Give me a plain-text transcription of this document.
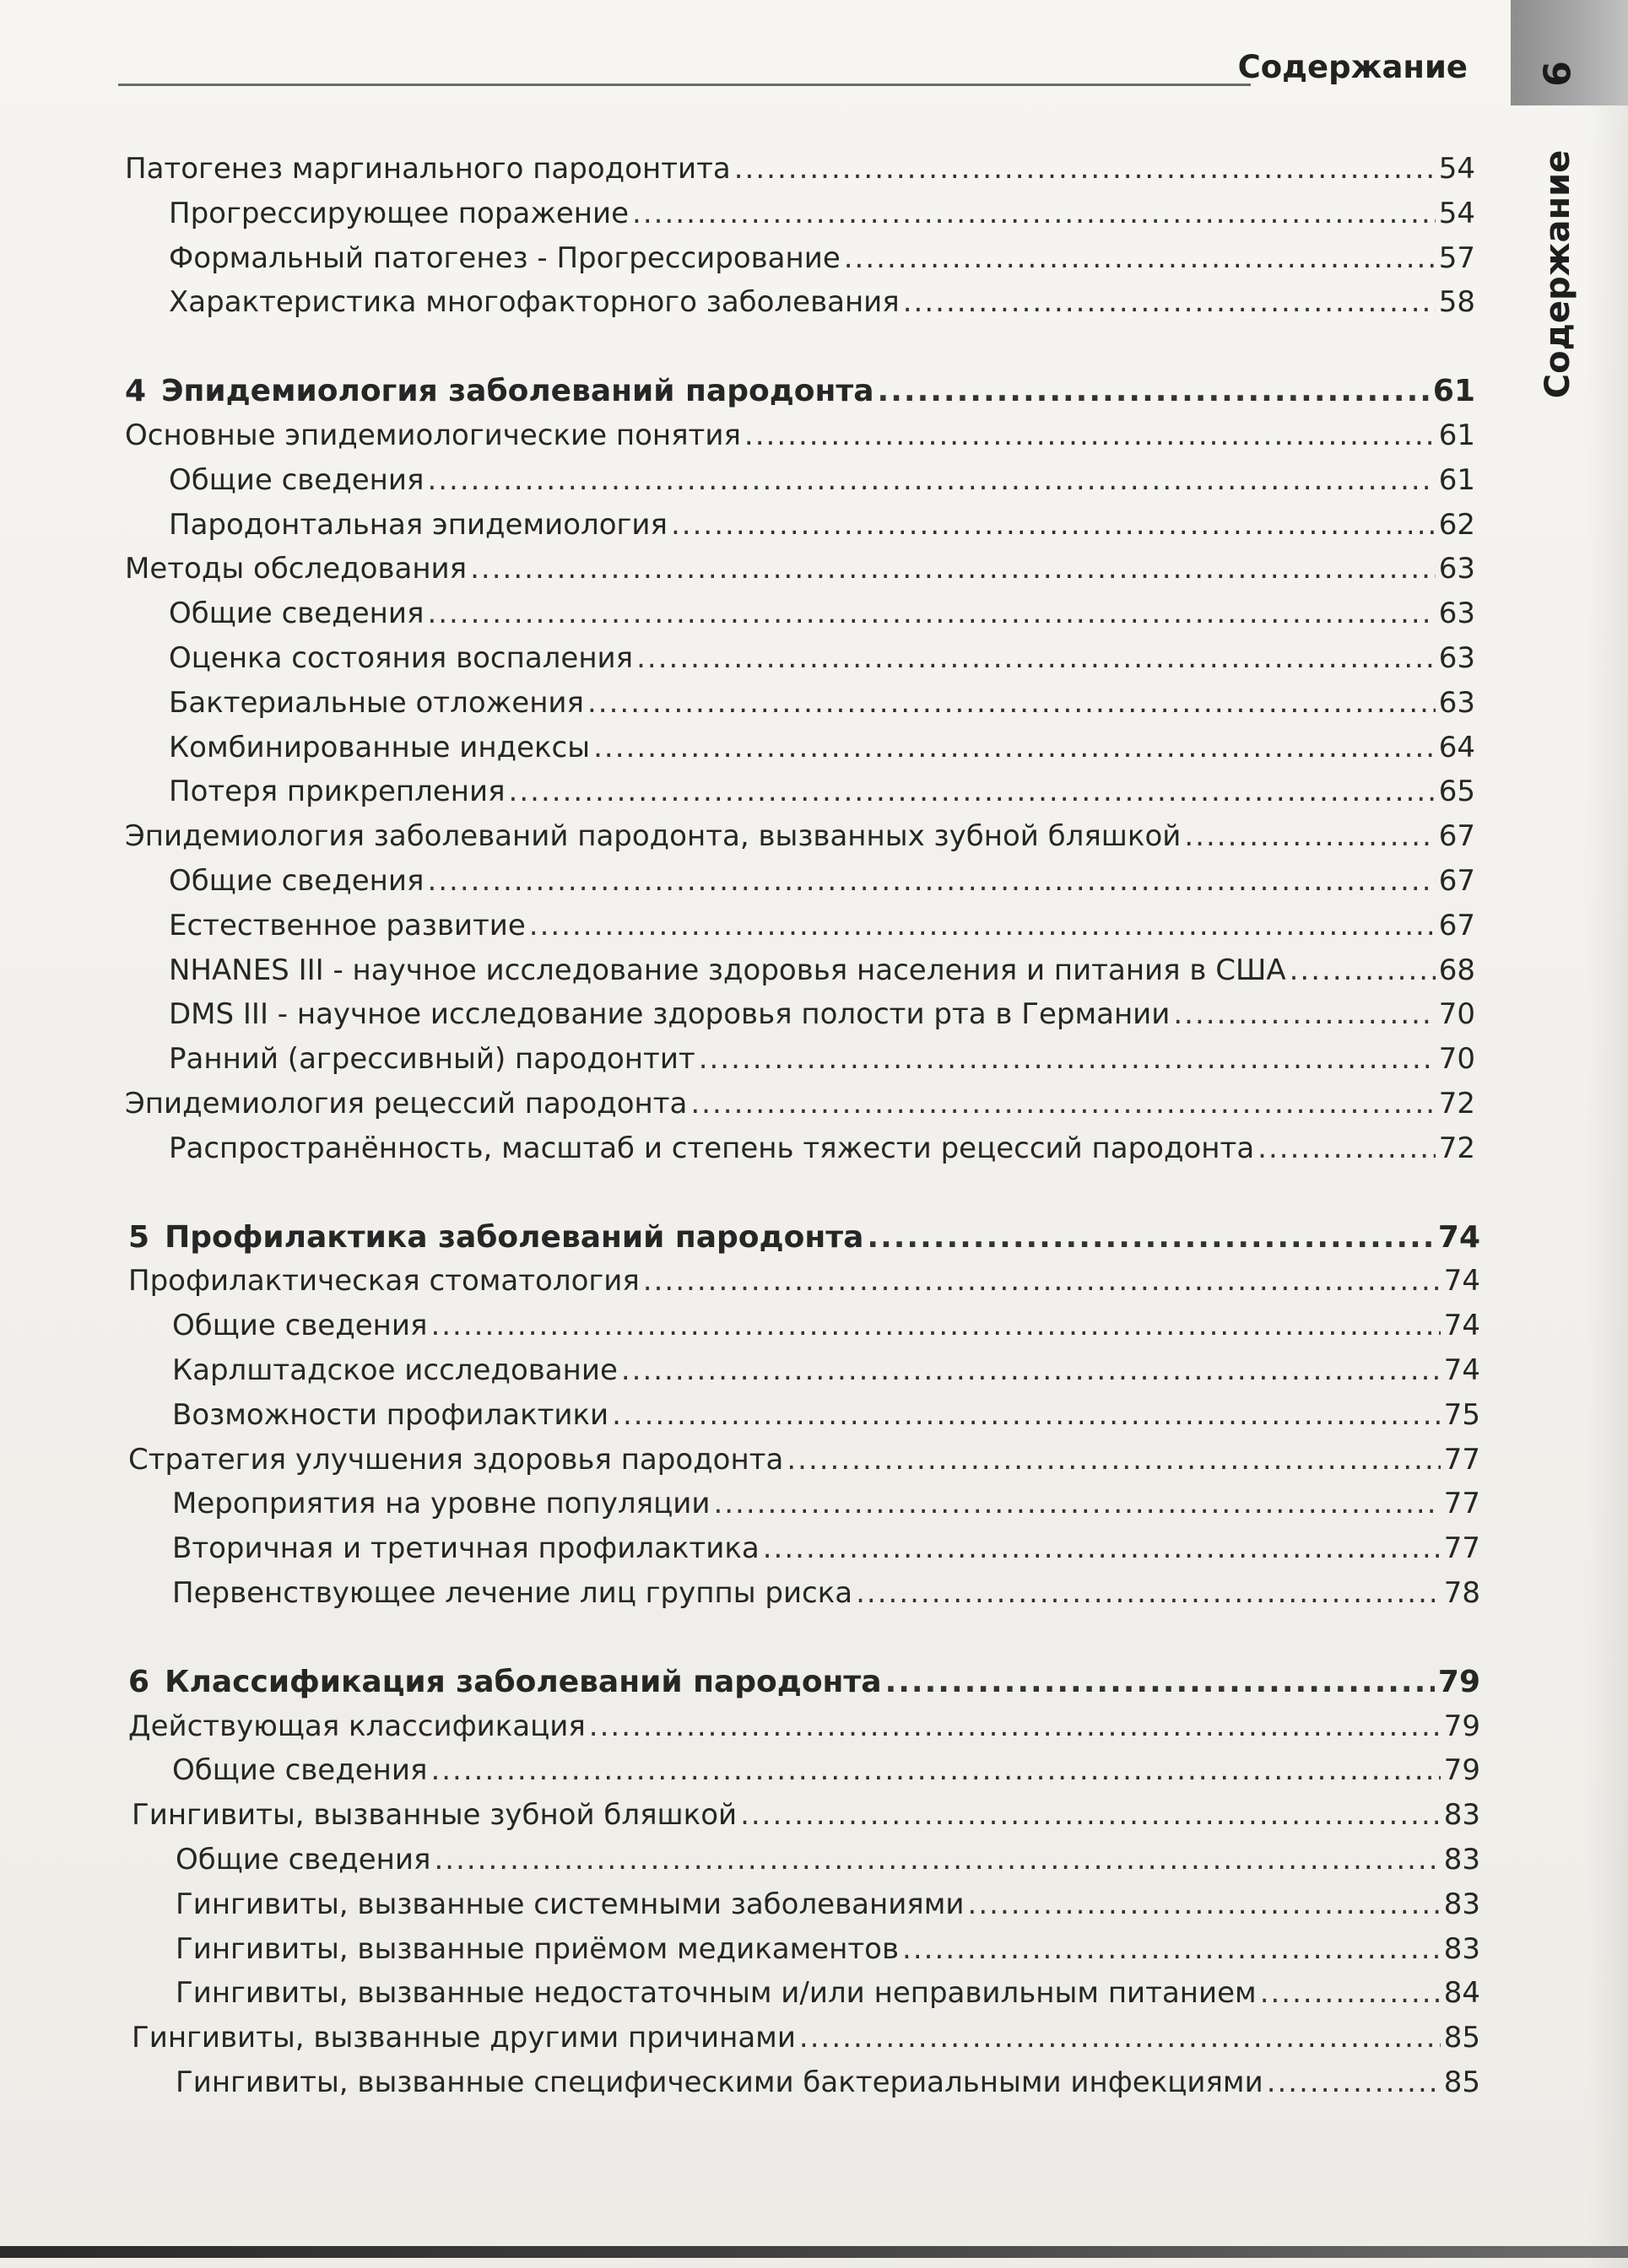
Содержание 9
Содержание
Патогенез маргинального пародонтита .....	54
Прогрессирующее поражение .....	54
Формальный патогенез - Прогрессирование .....	57
Характеристика многофакторного заболевания .....	58
4 Эпидемиология заболеваний пародонта .....	61
Основные эпидемиологические понятия .....	61
Общие сведения .....	61
Пародонтальная эпидемиология .....	62
Методы обследования .....	63
Общие сведения .....	63
Оценка состояния воспаления .....	63
Бактериальные отложения .....	63
Комбинированные индексы .....	64
Потеря прикрепления .....	65
Эпидемиология заболеваний пародонта, вызванных зубной бляшкой .....	67
Общие сведения .....	67
Естественное развитие .....	67
NHANES III - научное исследование здоровья населения и питания в США .....	68
DMS III - научное исследование здоровья полости рта в Германии .....	70
Ранний (агрессивный) пародонтит .....	70
Эпидемиология рецессий пародонта .....	72
Распространённость, масштаб и степень тяжести рецессий пародонта .....	72
5 Профилактика заболеваний пародонта .....	74
Профилактическая стоматология .....	74
Общие сведения .....	74
Карлштадское исследование .....	74
Возможности профилактики .....	75
Стратегия улучшения здоровья пародонта .....	77
Мероприятия на уровне популяции .....	77
Вторичная и третичная профилактика .....	77
Первенствующее лечение лиц группы риска .....	78
6 Классификация заболеваний пародонта .....	79
Действующая классификация .....	79
Общие сведения .....	79
Гингивиты, вызванные зубной бляшкой .....	83
Общие сведения .....	83
Гингивиты, вызванные системными заболеваниями .....	83
Гингивиты, вызванные приёмом медикаментов .....	83
Гингивиты, вызванные недостаточным и/или неправильным питанием .....	84
Гингивиты, вызванные другими причинами .....	85
Гингивиты, вызванные специфическими бактериальными инфекциями .....	85
